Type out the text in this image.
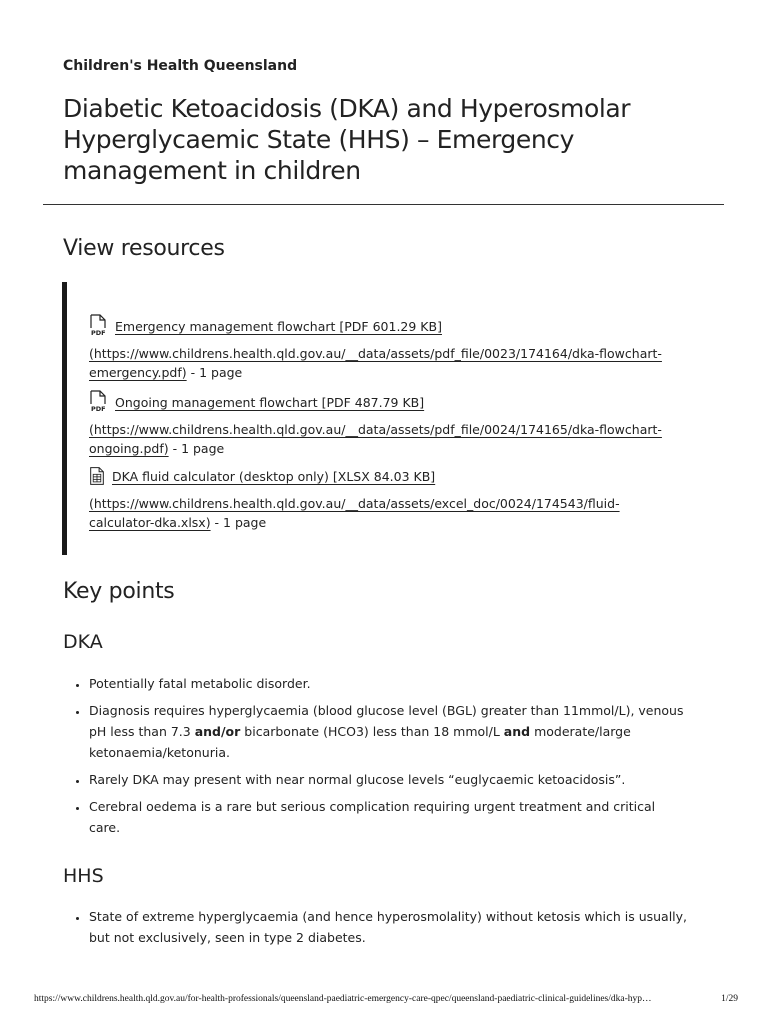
Children's Health Queensland
Diabetic Ketoacidosis (DKA) and Hyperosmolar Hyperglycaemic State (HHS) – Emergency management in children
View resources
PDF Emergency management flowchart [PDF 601.29 KB]
(https://www.childrens.health.qld.gov.au/__data/assets/pdf_file/0023/174164/dka-flowchart-emergency.pdf) - 1 page
PDF Ongoing management flowchart [PDF 487.79 KB]
(https://www.childrens.health.qld.gov.au/__data/assets/pdf_file/0024/174165/dka-flowchart-ongoing.pdf) - 1 page
DKA fluid calculator (desktop only) [XLSX 84.03 KB]
(https://www.childrens.health.qld.gov.au/__data/assets/excel_doc/0024/174543/fluid-calculator-dka.xlsx) - 1 page
Key points
DKA
• Potentially fatal metabolic disorder.
• Diagnosis requires hyperglycaemia (blood glucose level (BGL) greater than 11mmol/L), venous pH less than 7.3 and/or bicarbonate (HCO3) less than 18 mmol/L and moderate/large ketonaemia/ketonuria.
• Rarely DKA may present with near normal glucose levels “euglycaemic ketoacidosis”.
• Cerebral oedema is a rare but serious complication requiring urgent treatment and critical care.
HHS
• State of extreme hyperglycaemia (and hence hyperosmolality) without ketosis which is usually, but not exclusively, seen in type 2 diabetes.
https://www.childrens.health.qld.gov.au/for-health-professionals/queensland-paediatric-emergency-care-qpec/queensland-paediatric-clinical-guidelines/dka-hyp…	1/29
